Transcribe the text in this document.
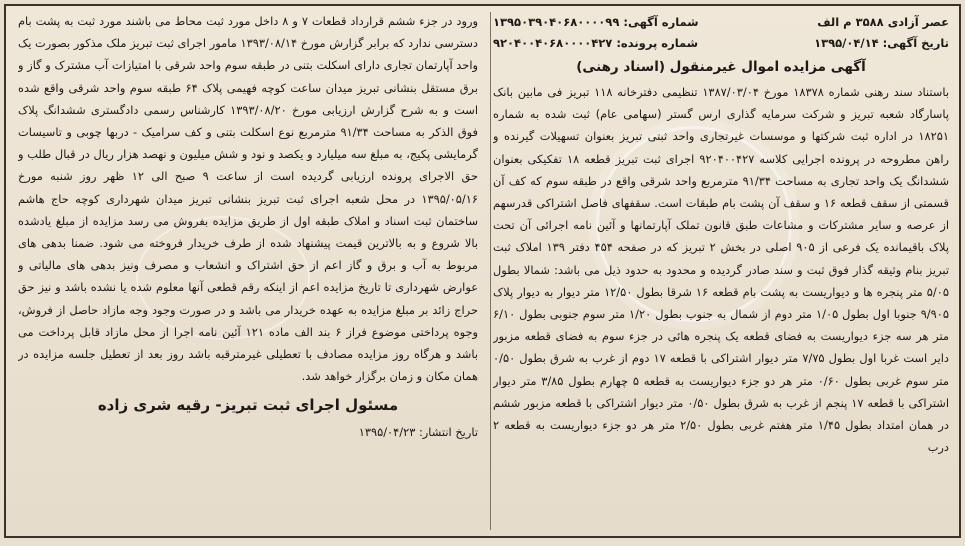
عصر آزادی ۳۵۸۸ م الف
شماره آگهی: ۱۳۹۵۰۳۹۰۴۰۶۸۰۰۰۰۹۹
تاریخ آگهی: ۱۳۹۵/۰۴/۱۴
شماره پرونده: ۹۲۰۴۰۰۴۰۶۸۰۰۰۰۴۲۷
آگهی مزایده اموال غیرمنقول (اسناد رهنی)

باستناد سند رهنی شماره ۱۸۳۷۸ مورخ ۱۳۸۷/۰۳/۰۴ تنظیمی دفترخانه ۱۱۸ تبریز فی مابین بانک پاسارگاد شعبه تبریز و شرکت سرمایه گذاری ارس گستر (سهامی عام) ثبت شده به شماره ۱۸۲۵۱ در اداره ثبت شرکتها و موسسات غیرتجاری واحد ثبتی تبریز بعنوان تسهیلات گیرنده و راهن مطروحه در پرونده اجرایی کلاسه ۹۲۰۴۰۰۴۲۷ اجرای ثبت تبریز قطعه ۱۸ تفکیکی بعنوان ششدانگ یک واحد تجاری به مساحت ۹۱/۳۴ مترمربع واحد شرقی واقع در طبقه سوم که کف آن قسمتی از سقف قطعه ۱۶ و سقف آن پشت بام طبقات است. سقفهای فاصل اشتراکی قدرسهم از عرصه و سایر مشترکات و مشاعات طبق قانون تملک آپارتمانها و آئین نامه اجرائی آن تحت پلاک باقیمانده یک فرعی از ۹۰۵ اصلی در بخش ۲ تبریز که در صفحه ۴۵۴ دفتر ۱۳۹ املاک ثبت تبریز بنام وثیقه گذار فوق ثبت و سند صادر گردیده و محدود به حدود ذیل می باشد: شمالا بطول ۵/۰۵ متر پنجره ها و دیواریست به پشت بام قطعه ۱۶ شرقا بطول ۱۲/۵۰ متر دیوار به دیوار پلاک ۹/۹۰۵ جنوبا اول بطول ۱/۰۵ متر دوم از شمال به جنوب بطول ۱/۲۰ متر سوم جنوبی بطول ۶/۱۰ متر هر سه جزء دیواریست به فضای قطعه یک پنجره هائی در جزء سوم به فضای قطعه مزبور دایر است غربا اول بطول ۷/۷۵ متر دیوار اشتراکی با قطعه ۱۷ دوم از غرب به شرق بطول ۰/۵۰ متر سوم غربی بطول ۰/۶۰ متر هر دو جزء دیواریست به قطعه ۵ چهارم بطول ۳/۸۵ متر دیوار اشتراکی با قطعه ۱۷ پنجم از غرب به شرق بطول ۰/۵۰ متر دیوار اشتراکی با قطعه مزبور ششم در همان امتداد بطول ۱/۴۵ متر هفتم غربی بطول ۲/۵۰ متر هر دو جزء دیواریست به قطعه ۲ درب

ورود در جزء ششم قرارداد قطعات ۷ و ۸ داخل مورد ثبت محاط می باشند مورد ثبت به پشت بام دسترسی ندارد که برابر گزارش مورخ ۱۳۹۳/۰۸/۱۴ مامور اجرای ثبت تبریز ملک مذکور بصورت یک واحد آپارتمان تجاری دارای اسکلت بتنی در طبقه سوم واحد شرقی با امتیازات آب مشترک و گاز و برق مستقل بنشانی تبریز میدان ساعت کوچه فهیمی پلاک ۶۴ طبقه سوم واحد شرقی واقع شده است و به شرح گزارش ارزیابی مورخ ۱۳۹۳/۰۸/۲۰ کارشناس رسمی دادگستری ششدانگ پلاک فوق الذکر به مساحت ۹۱/۳۴ مترمربع نوع اسکلت بتنی و کف سرامیک - دربها چوبی و تاسیسات گرمایشی پکیج، به مبلغ سه میلیارد و یکصد و نود و شش میلیون و نهصد هزار ریال در قبال طلب و حق الاجرای پرونده ارزیابی گردیده است از ساعت ۹ صبح الی ۱۲ ظهر روز شنبه مورخ ۱۳۹۵/۰۵/۱۶ در محل شعبه اجرای ثبت تبریز بنشانی تبریز میدان شهرداری کوچه حاج هاشم ساختمان ثبت اسناد و املاک طبقه اول از طریق مزایده بفروش می رسد مزایده از مبلغ یادشده بالا شروع و به بالاترین قیمت پیشنهاد شده از طرف خریدار فروخته می شود. ضمنا بدهی های مربوط به آب و برق و گاز اعم از حق اشتراک و انشعاب و مصرف ونیز بدهی های مالیاتی و عوارض شهرداری تا تاریخ مزایده اعم از اینکه رقم قطعی آنها معلوم شده یا نشده باشد و نیز حق حراج زائد بر مبلغ مزایده به عهده خریدار می باشد و در صورت وجود وجه مازاد حاصل از فروش، وجوه پرداختی موضوع فراز ۶ بند الف ماده ۱۲۱ آئین نامه اجرا از محل مازاد قابل پرداخت می باشد و هرگاه روز مزایده مصادف با تعطیلی غیرمترقبه باشد روز بعد از تعطیل جلسه مزایده در همان مکان و زمان برگزار خواهد شد.

مسئول اجرای ثبت تبریز- رقیه شری زاده
تاریخ انتشار: ۱۳۹۵/۰۴/۲۳
